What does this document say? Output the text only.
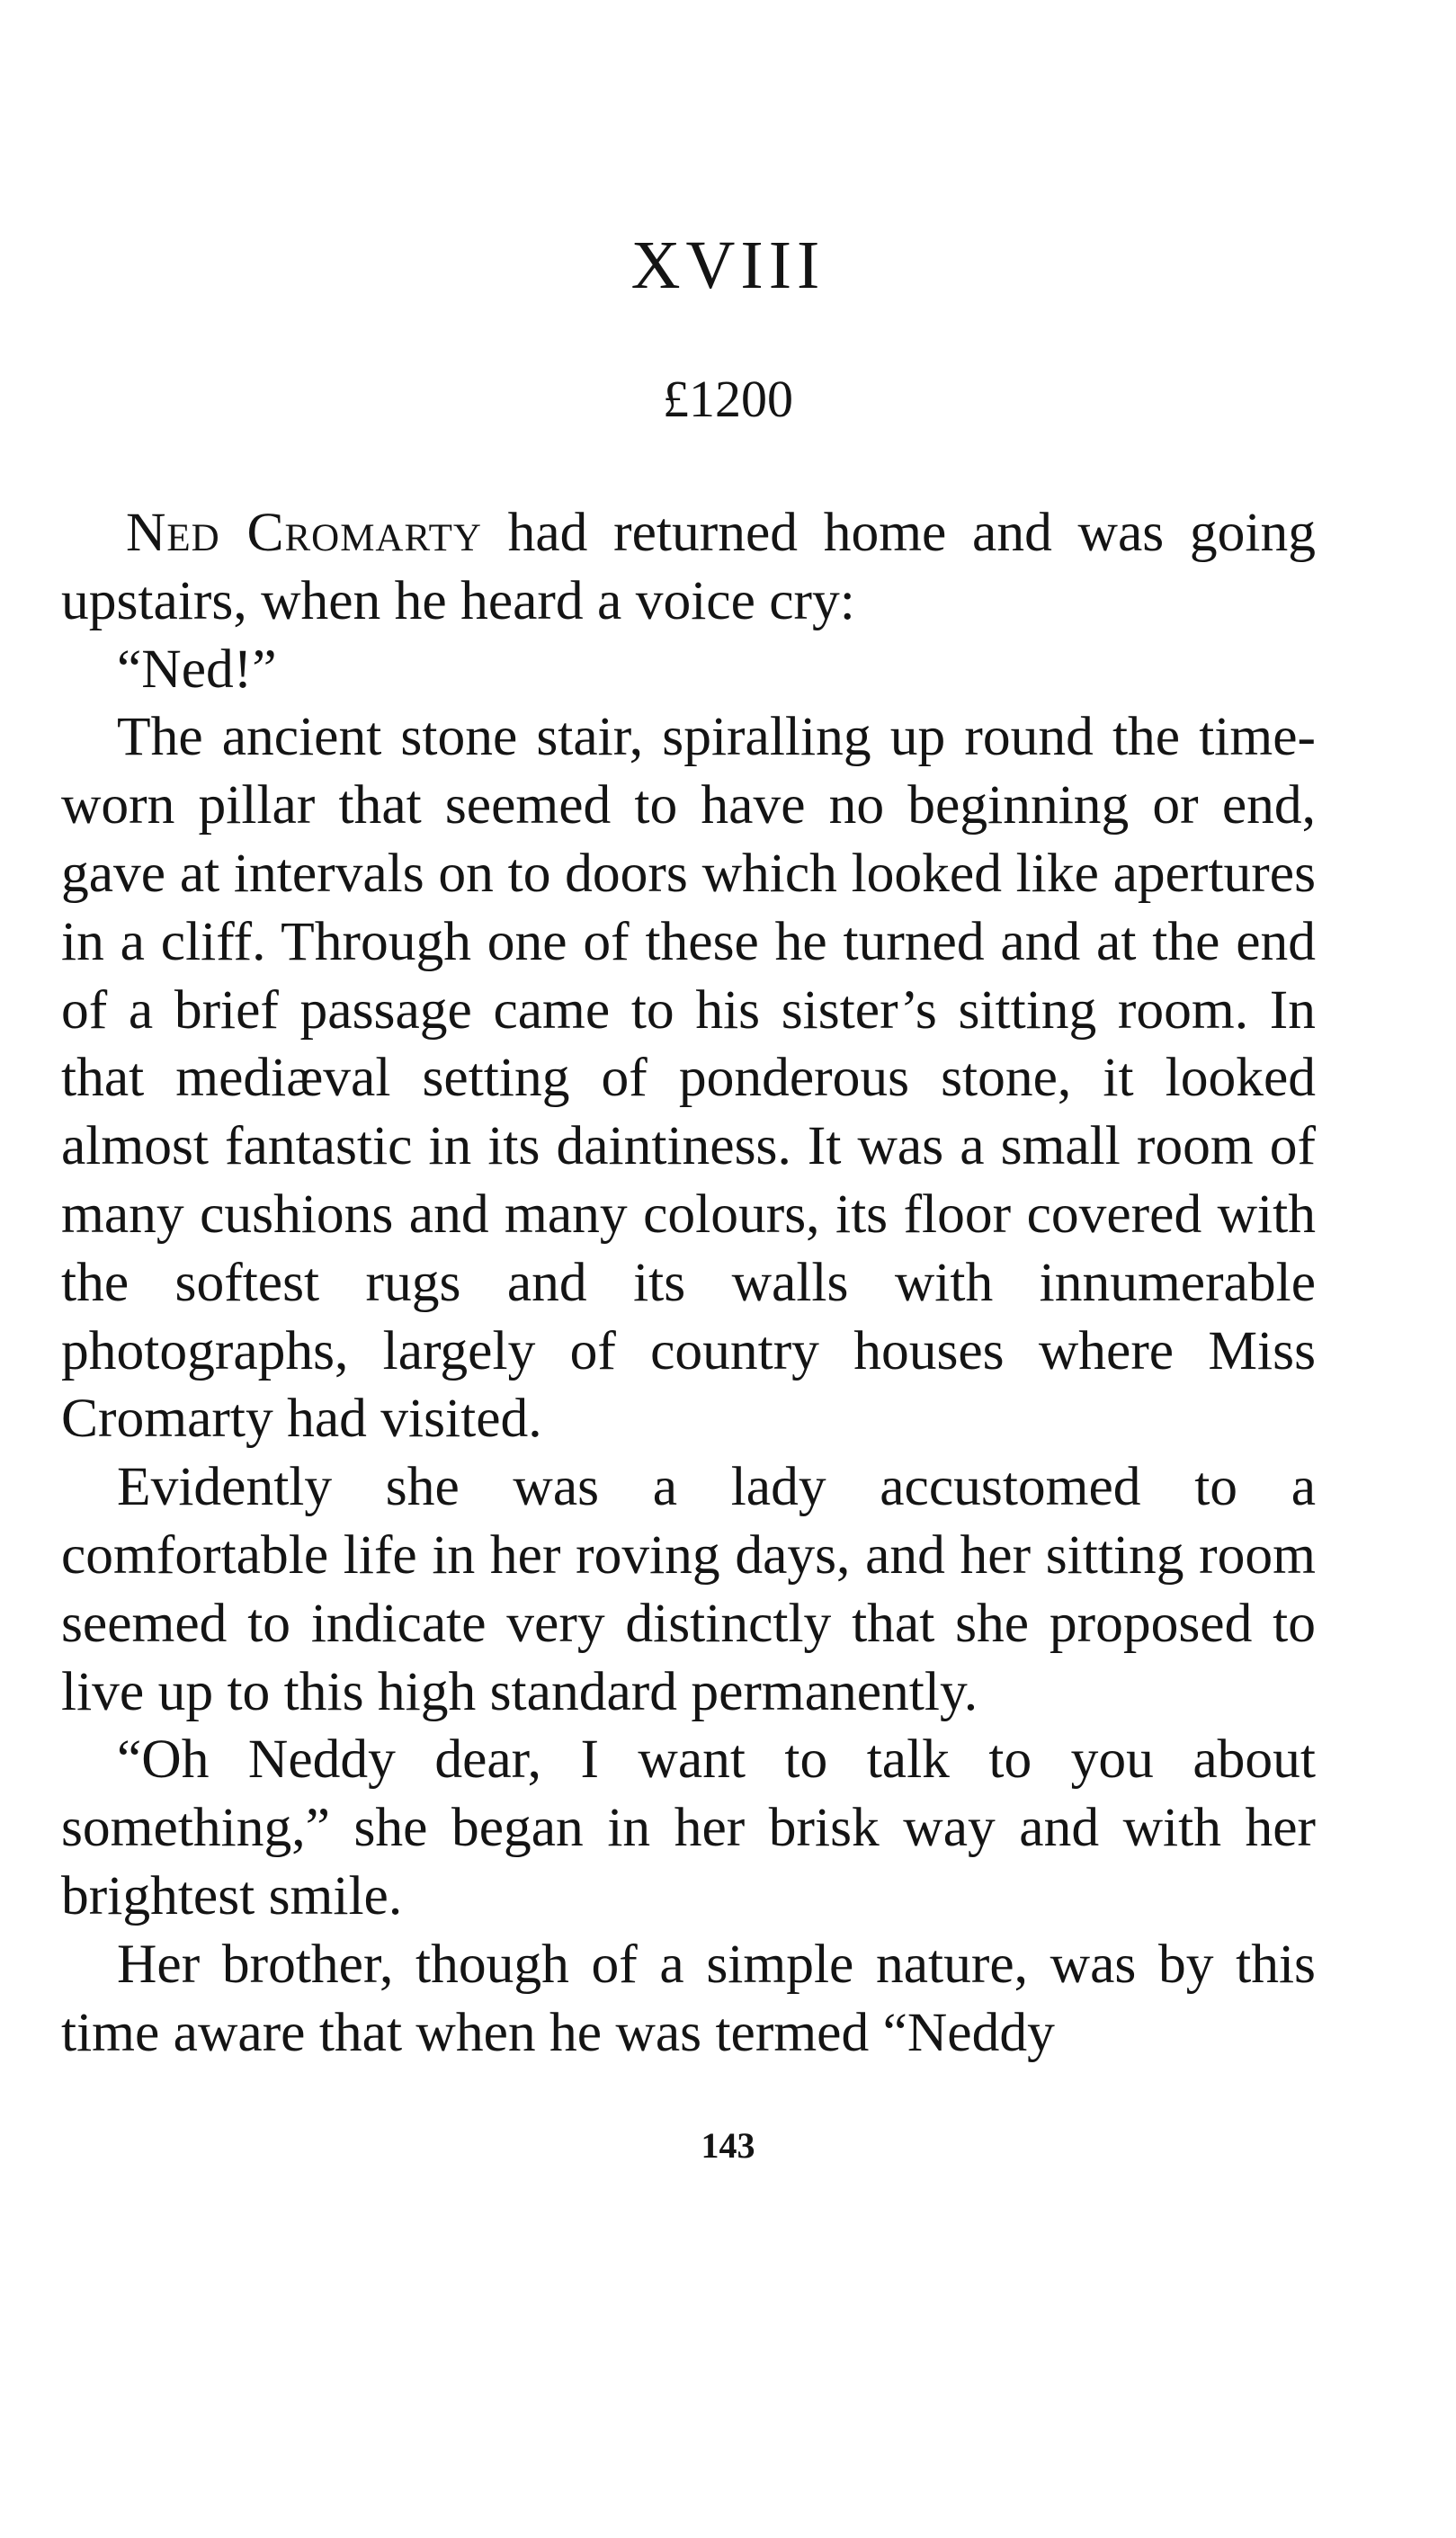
XVIII
£1200

Ned Cromarty had returned home and was going upstairs, when he heard a voice cry:

“Ned!”

The ancient stone stair, spiralling up round the time-worn pillar that seemed to have no beginning or end, gave at intervals on to doors which looked like apertures in a cliff. Through one of these he turned and at the end of a brief passage came to his sister’s sitting room. In that mediæval setting of ponderous stone, it looked almost fantastic in its daintiness. It was a small room of many cushions and many colours, its floor covered with the softest rugs and its walls with innumerable photographs, largely of country houses where Miss Cromarty had visited.

Evidently she was a lady accustomed to a comfortable life in her roving days, and her sitting room seemed to indicate very distinctly that she proposed to live up to this high standard permanently.

“Oh Neddy dear, I want to talk to you about something,” she began in her brisk way and with her brightest smile.

Her brother, though of a simple nature, was by this time aware that when he was termed “Neddy

143
